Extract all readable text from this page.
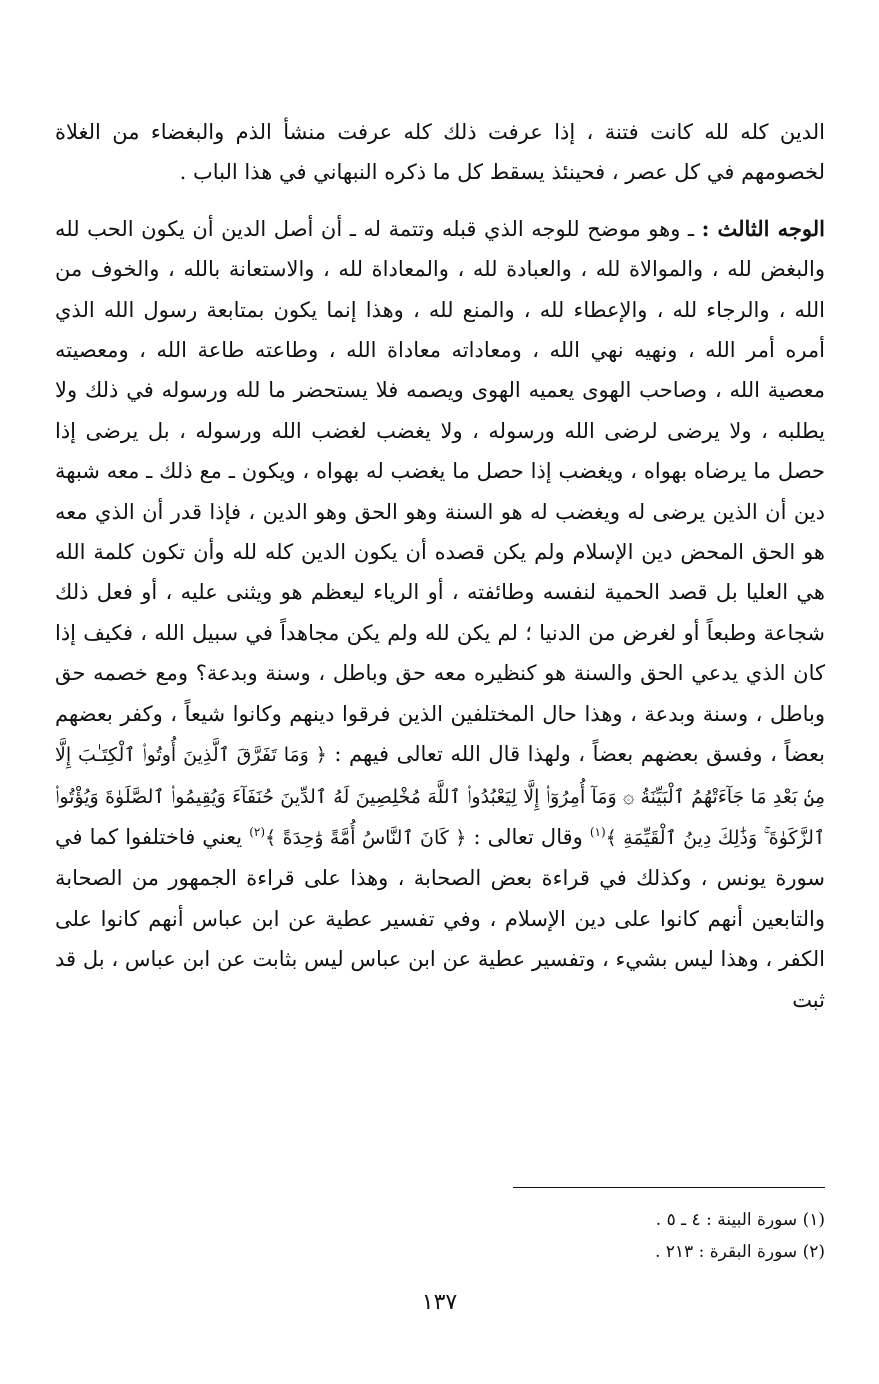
الدين كله لله كانت فتنة ، إذا عرفت ذلك كله عرفت منشأ الذم والبغضاء من الغلاة لخصومهم في كل عصر ، فحينئذ يسقط كل ما ذكره النبهاني في هذا الباب .

الوجه الثالث : ـ وهو موضح للوجه الذي قبله وتتمة له ـ أن أصل الدين أن يكون الحب لله والبغض لله ، والموالاة لله ، والعبادة لله ، والمعاداة لله ، والاستعانة بالله ، والخوف من الله ، والرجاء لله ، والإعطاء لله ، والمنع لله ، وهذا إنما يكون بمتابعة رسول الله الذي أمره أمر الله ، ونهيه نهي الله ، ومعاداته معاداة الله ، وطاعته طاعة الله ، ومعصيته معصية الله ، وصاحب الهوى يعميه الهوى ويصمه فلا يستحضر ما لله ورسوله في ذلك ولا يطلبه ، ولا يرضى لرضى الله ورسوله ، ولا يغضب لغضب الله ورسوله ، بل يرضى إذا حصل ما يرضاه بهواه ، ويغضب إذا حصل ما يغضب له بهواه ، ويكون ـ مع ذلك ـ معه شبهة دين أن الذين يرضى له ويغضب له هو السنة وهو الحق وهو الدين ، فإذا قدر أن الذي معه هو الحق المحض دين الإسلام ولم يكن قصده أن يكون الدين كله لله وأن تكون كلمة الله هي العليا بل قصد الحمية لنفسه وطائفته ، أو الرياء ليعظم هو ويثنى عليه ، أو فعل ذلك شجاعة وطبعاً أو لغرض من الدنيا ؛ لم يكن لله ولم يكن مجاهداً في سبيل الله ، فكيف إذا كان الذي يدعي الحق والسنة هو كنظيره معه حق وباطل ، وسنة وبدعة؟ ومع خصمه حق وباطل ، وسنة وبدعة ، وهذا حال المختلفين الذين فرقوا دينهم وكانوا شيعاً ، وكفر بعضهم بعضاً ، وفسق بعضهم بعضاً ، ولهذا قال الله تعالى فيهم : ﴿ وَمَا تَفَرَّقَ ٱلَّذِينَ أُوتُوا۟ ٱلْكِتَـٰبَ إِلَّا مِنۢ بَعْدِ مَا جَآءَتْهُمُ ٱلْبَيِّنَةُ ۞ وَمَآ أُمِرُوٓا۟ إِلَّا لِيَعْبُدُوا۟ ٱللَّهَ مُخْلِصِينَ لَهُ ٱلدِّينَ حُنَفَآءَ وَيُقِيمُوا۟ ٱلصَّلَوٰةَ وَيُؤْتُوا۟ ٱلزَّكَوٰةَ ۚ وَذَٰلِكَ دِينُ ٱلْقَيِّمَةِ ﴾$^{(١)}$ وقال تعالى : ﴿ كَانَ ٱلنَّاسُ أُمَّةً وَٰحِدَةً ﴾$^{(٢)}$ يعني فاختلفوا كما في سورة يونس ، وكذلك في قراءة بعض الصحابة ، وهذا على قراءة الجمهور من الصحابة والتابعين أنهم كانوا على دين الإسلام ، وفي تفسير عطية عن ابن عباس أنهم كانوا على الكفر ، وهذا ليس بشيء ، وتفسير عطية عن ابن عباس ليس بثابت عن ابن عباس ، بل قد ثبت

(١) سورة البينة : ٤ ـ ٥ .

(٢) سورة البقرة : ٢١٣ .

١٣٧
